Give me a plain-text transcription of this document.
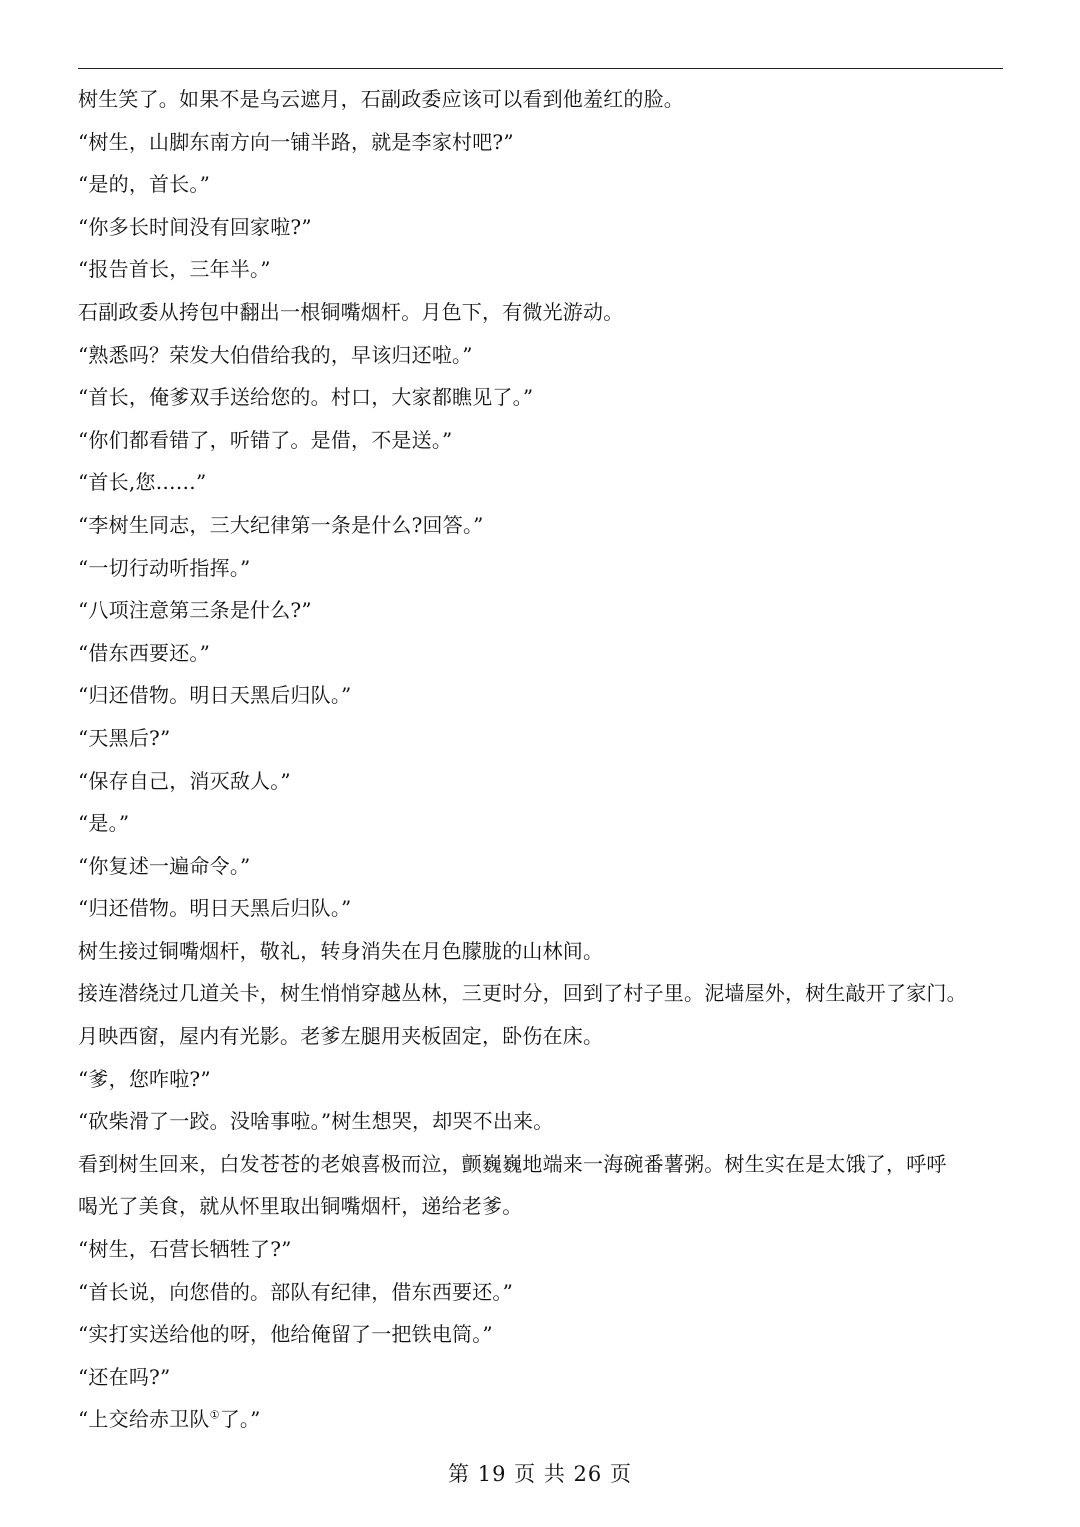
树生笑了。如果不是乌云遮月，石副政委应该可以看到他羞红的脸。
“树生，山脚东南方向一铺半路，就是李家村吧?”
“是的，首长。”
“你多长时间没有回家啦?”
“报告首长，三年半。”
石副政委从挎包中翻出一根铜嘴烟杆。月色下，有微光游动。
“熟悉吗？荣发大伯借给我的，早该归还啦。”
“首长，俺爹双手送给您的。村口，大家都瞧见了。”
“你们都看错了，听错了。是借，不是送。”
“首长,您……”
“李树生同志，三大纪律第一条是什么?回答。”
“一切行动听指挥。”
“八项注意第三条是什么?”
“借东西要还。”
“归还借物。明日天黑后归队。”
“天黑后?”
“保存自己，消灭敌人。”
“是。”
“你复述一遍命令。”
“归还借物。明日天黑后归队。”
树生接过铜嘴烟杆，敬礼，转身消失在月色朦胧的山林间。
接连潜绕过几道关卡，树生悄悄穿越丛林，三更时分，回到了村子里。泥墙屋外，树生敲开了家门。
月映西窗，屋内有光影。老爹左腿用夹板固定，卧伤在床。
“爹，您咋啦?”
“砍柴滑了一跤。没啥事啦。”树生想哭，却哭不出来。
看到树生回来，白发苍苍的老娘喜极而泣，颤巍巍地端来一海碗番薯粥。树生实在是太饿了，呼呼
喝光了美食，就从怀里取出铜嘴烟杆，递给老爹。
“树生，石营长牺牲了?”
“首长说，向您借的。部队有纪律，借东西要还。”
“实打实送给他的呀，他给俺留了一把铁电筒。”
“还在吗?”
“上交给赤卫队①了。”
第 19 页 共 26 页
